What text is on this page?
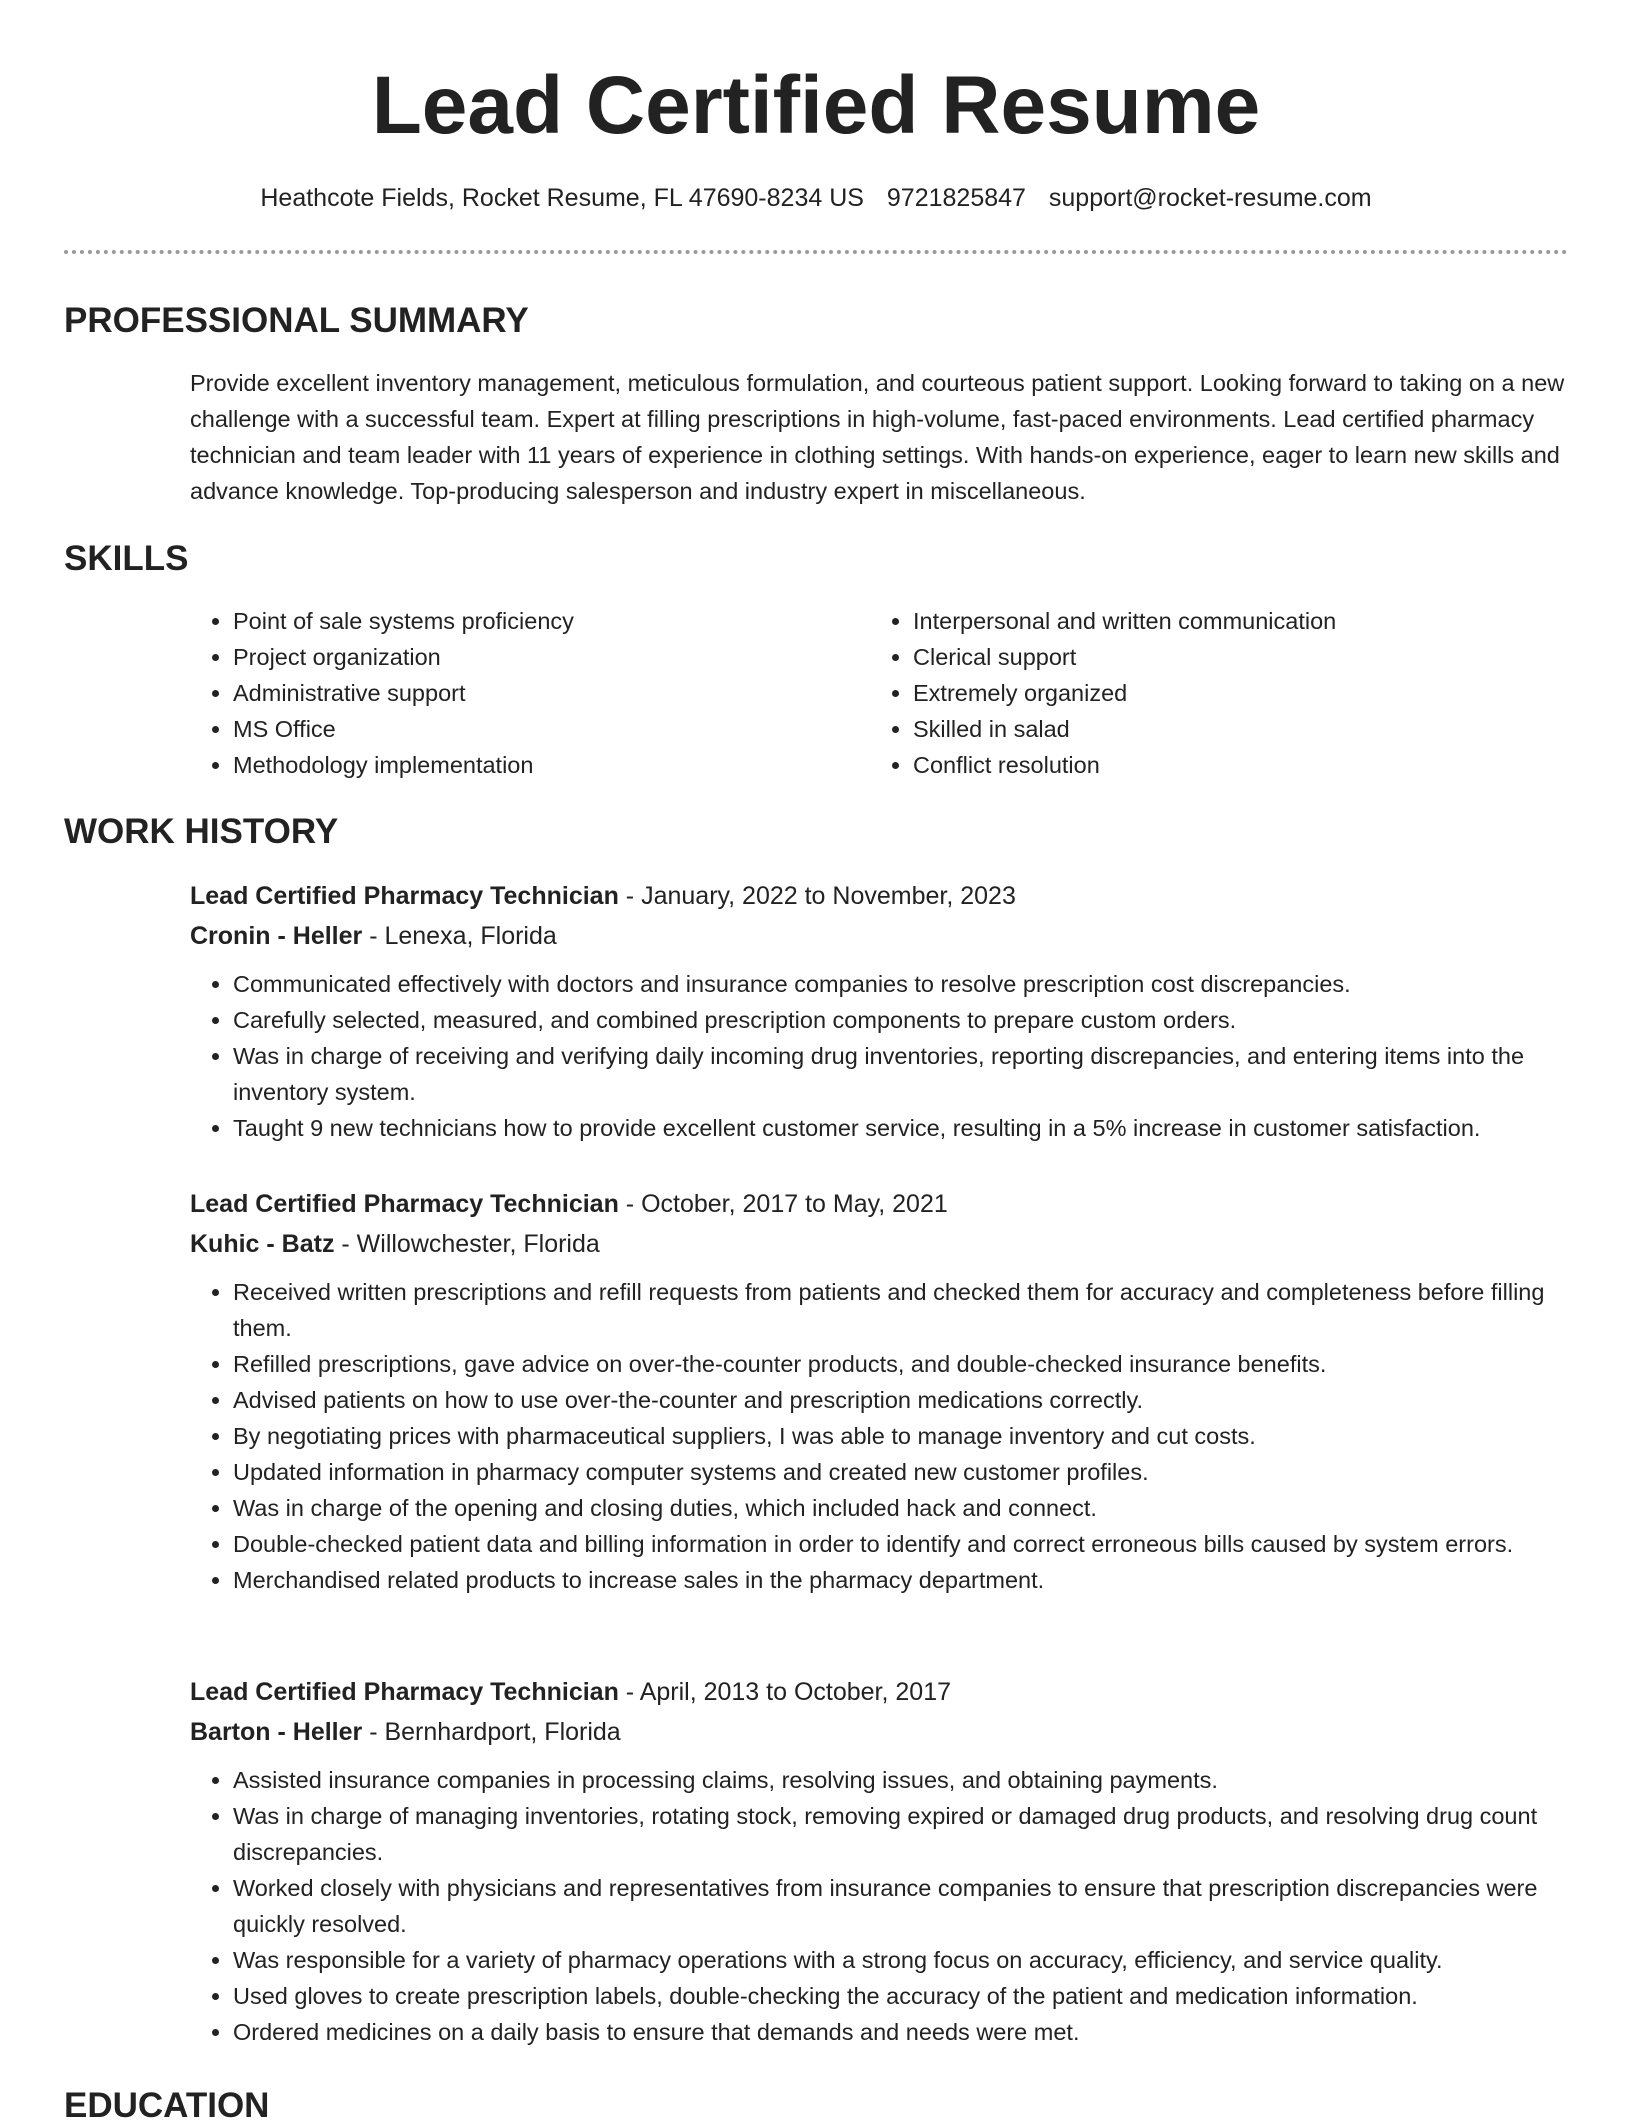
Lead Certified Resume
Heathcote Fields, Rocket Resume, FL 47690-8234 US 9721825847 support@rocket-resume.com
PROFESSIONAL SUMMARY

Provide excellent inventory management, meticulous formulation, and courteous patient support. Looking forward to taking on a new challenge with a successful team. Expert at filling prescriptions in high-volume, fast-paced environments. Lead certified pharmacy technician and team leader with 11 years of experience in clothing settings. With hands-on experience, eager to learn new skills and advance knowledge. Top-producing salesperson and industry expert in miscellaneous.

SKILLS
• Point of sale systems proficiency
• Project organization
• Administrative support
• MS Office
• Methodology implementation
• Interpersonal and written communication
• Clerical support
• Extremely organized
• Skilled in salad
• Conflict resolution
WORK HISTORY

Lead Certified Pharmacy Technician - January, 2022 to November, 2023

Cronin - Heller - Lenexa, Florida

• Communicated effectively with doctors and insurance companies to resolve prescription cost discrepancies.
• Carefully selected, measured, and combined prescription components to prepare custom orders.
• Was in charge of receiving and verifying daily incoming drug inventories, reporting discrepancies, and entering items into the inventory system.
• Taught 9 new technicians how to provide excellent customer service, resulting in a 5% increase in customer satisfaction.

Lead Certified Pharmacy Technician - October, 2017 to May, 2021

Kuhic - Batz - Willowchester, Florida

• Received written prescriptions and refill requests from patients and checked them for accuracy and completeness before filling them.
• Refilled prescriptions, gave advice on over-the-counter products, and double-checked insurance benefits.
• Advised patients on how to use over-the-counter and prescription medications correctly.
• By negotiating prices with pharmaceutical suppliers, I was able to manage inventory and cut costs.
• Updated information in pharmacy computer systems and created new customer profiles.
• Was in charge of the opening and closing duties, which included hack and connect.
• Double-checked patient data and billing information in order to identify and correct erroneous bills caused by system errors.
• Merchandised related products to increase sales in the pharmacy department.

Lead Certified Pharmacy Technician - April, 2013 to October, 2017

Barton - Heller - Bernhardport, Florida

• Assisted insurance companies in processing claims, resolving issues, and obtaining payments.
• Was in charge of managing inventories, rotating stock, removing expired or damaged drug products, and resolving drug count discrepancies.
• Worked closely with physicians and representatives from insurance companies to ensure that prescription discrepancies were quickly resolved.
• Was responsible for a variety of pharmacy operations with a strong focus on accuracy, efficiency, and service quality.
• Used gloves to create prescription labels, double-checking the accuracy of the patient and medication information.
• Ordered medicines on a daily basis to ensure that demands and needs were met.
EDUCATION
